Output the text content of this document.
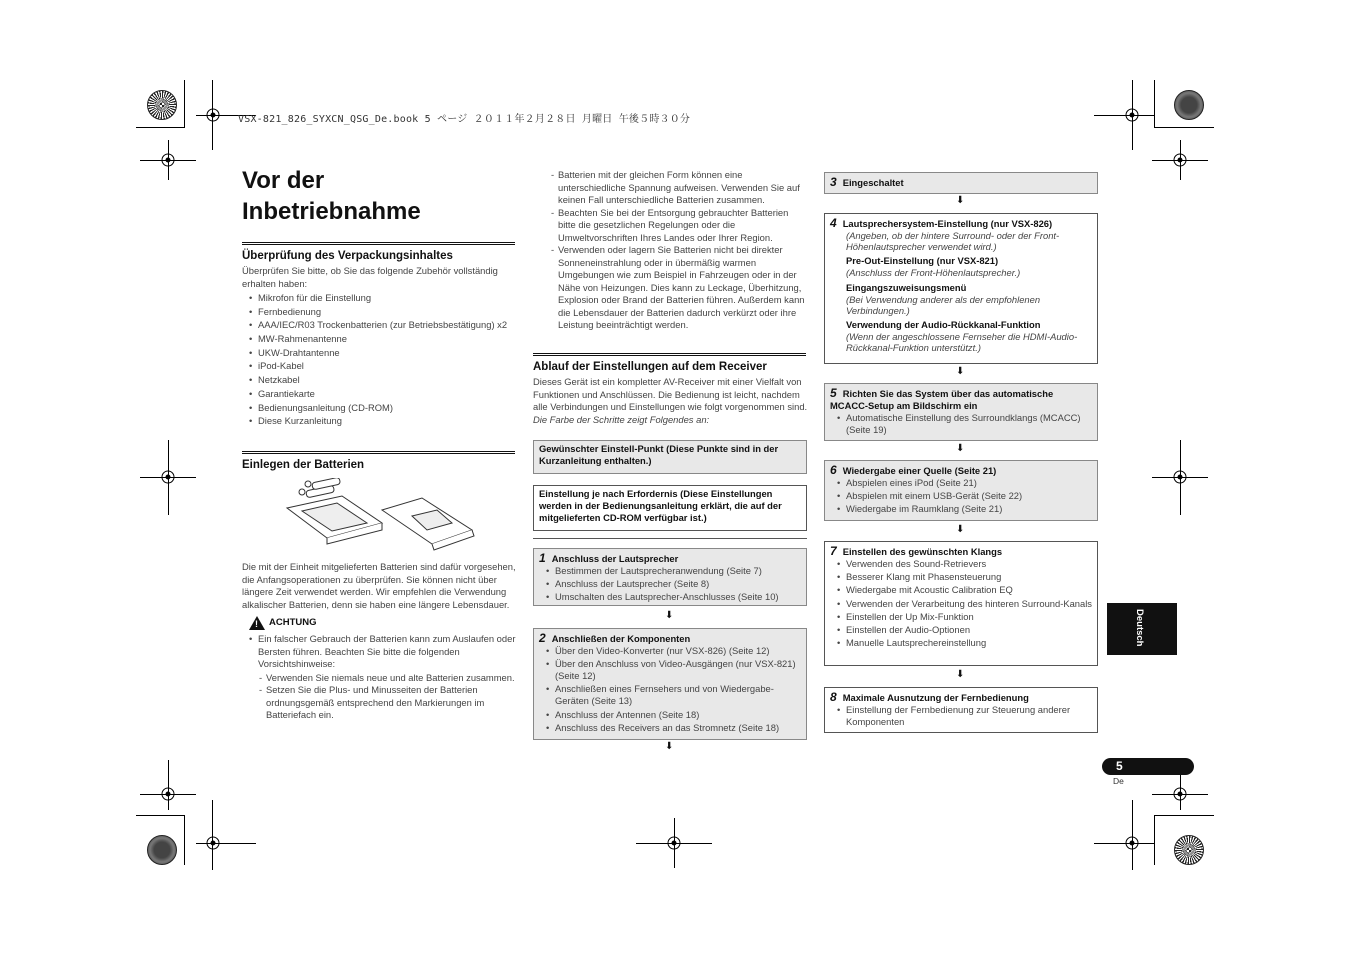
VSX-821_826_SYXCN_QSG_De.book 5 ページ ２０１１年２月２８日 月曜日 午後５時３０分
Vor der
Inbetriebnahme
Überprüfung des Verpackungsinhaltes

Überprüfen Sie bitte, ob Sie das folgende Zubehör vollständig erhalten haben:

• Mikrofon für die Einstellung
• Fernbedienung
• AAA/IEC/R03 Trockenbatterien (zur Betriebsbestätigung) x2
• MW-Rahmenantenne
• UKW-Drahtantenne
• iPod-Kabel
• Netzkabel
• Garantiekarte
• Bedienungsanleitung (CD-ROM)
• Diese Kurzanleitung
Einlegen der Batterien

Die mit der Einheit mitgelieferten Batterien sind dafür vorgesehen, die Anfangsoperationen zu überprüfen. Sie können nicht über längere Zeit verwendet werden. Wir empfehlen die Verwendung alkalischer Batterien, denn sie haben eine längere Lebensdauer.

! ACHTUNG
• Ein falscher Gebrauch der Batterien kann zum Auslaufen oder Bersten führen. Beachten Sie bitte die folgenden Vorsichtshinweise:
- Verwenden Sie niemals neue und alte Batterien zusammen.
- Setzen Sie die Plus- und Minusseiten der Batterien ordnungsgemäß entsprechend den Markierungen im Batteriefach ein.
- Batterien mit der gleichen Form können eine unterschiedliche Spannung aufweisen. Verwenden Sie auf keinen Fall unterschiedliche Batterien zusammen.
- Beachten Sie bei der Entsorgung gebrauchter Batterien bitte die gesetzlichen Regelungen oder die Umweltvorschriften Ihres Landes oder Ihrer Region.
- Verwenden oder lagern Sie Batterien nicht bei direkter Sonneneinstrahlung oder in übermäßig warmen Umgebungen wie zum Beispiel in Fahrzeugen oder in der Nähe von Heizungen. Dies kann zu Leckage, Überhitzung, Explosion oder Brand der Batterien führen. Außerdem kann die Lebensdauer der Batterien dadurch verkürzt oder ihre Leistung beeinträchtigt werden.
Ablauf der Einstellungen auf dem Receiver

Dieses Gerät ist ein kompletter AV-Receiver mit einer Vielfalt von Funktionen und Anschlüssen. Die Bedienung ist leicht, nachdem alle Verbindungen und Einstellungen wie folgt vorgenommen sind.

Die Farbe der Schritte zeigt Folgendes an:

Gewünschter Einstell-Punkt (Diese Punkte sind in der Kurzanleitung enthalten.)
Einstellung je nach Erfordernis (Diese Einstellungen werden in der Bedienungsanleitung erklärt, die auf der mitgelieferten CD-ROM verfügbar ist.)
1 Anschluss der Lautsprecher
• Bestimmen der Lautsprecheranwendung (Seite 7)
• Anschluss der Lautsprecher (Seite 8)
• Umschalten des Lautsprecher-Anschlusses (Seite 10)
⬇
2 Anschließen der Komponenten
• Über den Video-Konverter (nur VSX-826) (Seite 12)
• Über den Anschluss von Video-Ausgängen (nur VSX-821) (Seite 12)
• Anschließen eines Fernsehers und von Wiedergabe-Geräten (Seite 13)
• Anschluss der Antennen (Seite 18)
• Anschluss des Receivers an das Stromnetz (Seite 18)
⬇
3 Eingeschaltet
⬇
4 Lautsprechersystem-Einstellung (nur VSX-826)
(Angeben, ob der hintere Surround- oder der Front-Höhenlautsprecher verwendet wird.)
Pre-Out-Einstellung (nur VSX-821)
(Anschluss der Front-Höhenlautsprecher.)
Eingangszuweisungsmenü
(Bei Verwendung anderer als der empfohlenen Verbindungen.)
Verwendung der Audio-Rückkanal-Funktion
(Wenn der angeschlossene Fernseher die HDMI-Audio-Rückkanal-Funktion unterstützt.)
⬇
5 Richten Sie das System über das automatische
MCACC-Setup am Bildschirm ein
• Automatische Einstellung des Surroundklangs (MCACC) (Seite 19)
⬇
6 Wiedergabe einer Quelle (Seite 21)
• Abspielen eines iPod (Seite 21)
• Abspielen mit einem USB-Gerät (Seite 22)
• Wiedergabe im Raumklang (Seite 21)
⬇
7 Einstellen des gewünschten Klangs
• Verwenden des Sound-Retrievers
• Besserer Klang mit Phasensteuerung
• Wiedergabe mit Acoustic Calibration EQ
• Verwenden der Verarbeitung des hinteren Surround-Kanals
• Einstellen der Up Mix-Funktion
• Einstellen der Audio-Optionen
• Manuelle Lautsprechereinstellung
⬇
8 Maximale Ausnutzung der Fernbedienung
• Einstellung der Fernbedienung zur Steuerung anderer Komponenten
Deutsch
5
De
